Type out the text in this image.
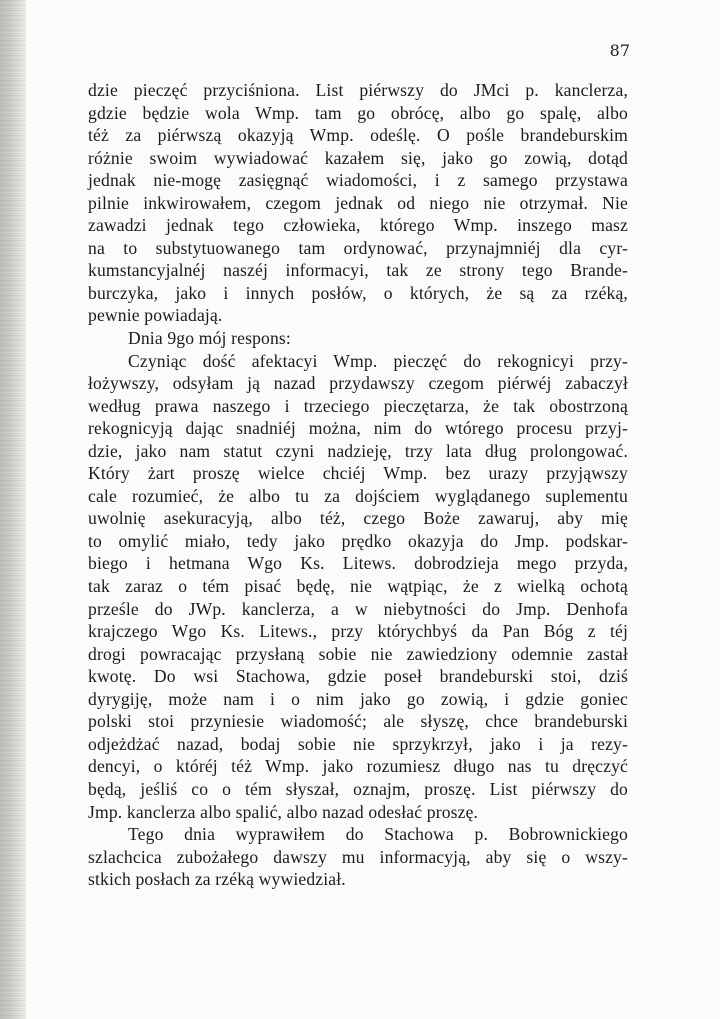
87
dzie pieczęć przyciśniona. List piérwszy do JMci p. kanclerza,
gdzie będzie wola Wmp. tam go obrócę, albo go spalę, albo
téż za piérwszą okazyją Wmp. odeślę. O pośle brandeburskim
różnie swoim wywiadować kazałem się, jako go zowią, dotąd
jednak nie-mogę zasięgnąć wiadomości, i z samego przystawa
pilnie inkwirowałem, czegom jednak od niego nie otrzymał. Nie
zawadzi jednak tego człowieka, którego Wmp. inszego masz
na to substytuowanego tam ordynować, przynajmniéj dla cyr-
kumstancyjalnéj naszéj informacyi, tak ze strony tego Brande-
burczyka, jako i innych posłów, o których, że są za rzéką,
pewnie powiadają.
Dnia 9go mój respons:
Czyniąc dość afektacyi Wmp. pieczęć do rekognicyi przy-
łożywszy, odsyłam ją nazad przydawszy czegom piérwéj zabaczył
według prawa naszego i trzeciego pieczętarza, że tak obostrzoną
rekognicyją dając snadniéj można, nim do wtórego procesu przyj-
dzie, jako nam statut czyni nadzieję, trzy lata dług prolongować.
Który żart proszę wielce chciéj Wmp. bez urazy przyjąwszy
cale rozumieć, że albo tu za dojściem wyglądanego suplementu
uwolnię asekuracyją, albo téż, czego Boże zawaruj, aby mię
to omylić miało, tedy jako prędko okazyja do Jmp. podskar-
biego i hetmana Wgo Ks. Litews. dobrodzieja mego przyda,
tak zaraz o tém pisać będę, nie wątpiąc, że z wielką ochotą
prześle do JWp. kanclerza, a w niebytności do Jmp. Denhofa
krajczego Wgo Ks. Litews., przy którychbyś da Pan Bóg z téj
drogi powracając przysłaną sobie nie zawiedziony odemnie zastał
kwotę. Do wsi Stachowa, gdzie poseł brandeburski stoi, dziś
dyrygiję, może nam i o nim jako go zowią, i gdzie goniec
polski stoi przyniesie wiadomość; ale słyszę, chce brandeburski
odjeżdżać nazad, bodaj sobie nie sprzykrzył, jako i ja rezy-
dencyi, o któréj téż Wmp. jako rozumiesz długo nas tu dręczyć
będą, jeśliś co o tém słyszał, oznajm, proszę. List piérwszy do
Jmp. kanclerza albo spalić, albo nazad odesłać proszę.
Tego dnia wyprawiłem do Stachowa p. Bobrownickiego
szlachcica zubożałego dawszy mu informacyją, aby się o wszy-
stkich posłach za rzéką wywiedział.
